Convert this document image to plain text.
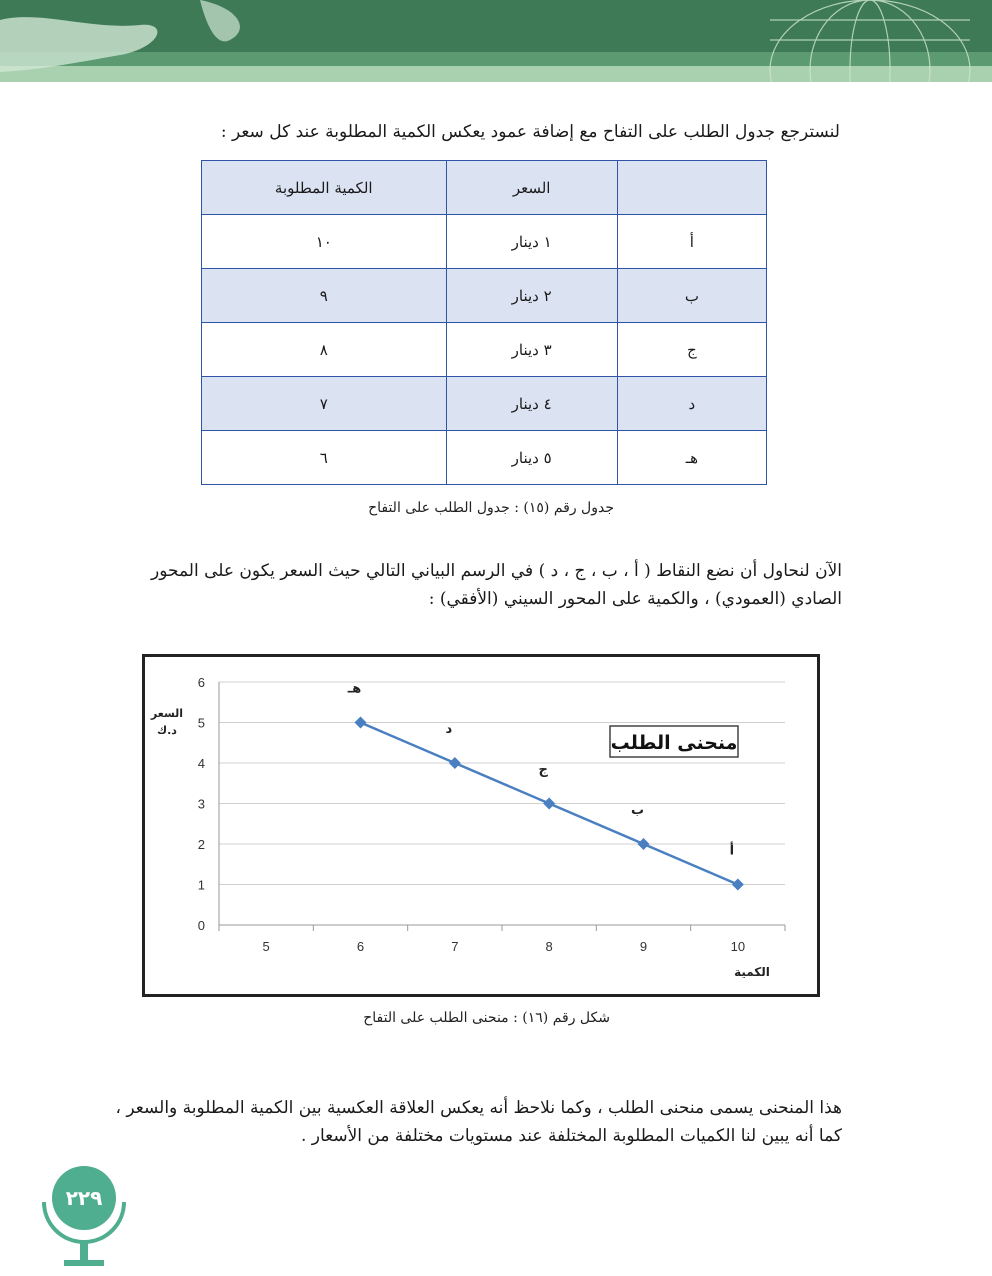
لنسترجع جدول الطلب على التفاح مع إضافة عمود يعكس الكمية المطلوبة عند كل سعر :
	السعر	الكمية المطلوبة
أ	١ دينار	١٠
ب	٢ دينار	٩
ج	٣ دينار	٨
د	٤ دينار	٧
هـ	٥ دينار	٦
جدول رقم (١٥) : جدول الطلب على التفاح
الآن لنحاول أن نضع النقاط ( أ ، ب ، ج ، د ) في الرسم البياني التالي حيث السعر يكون على المحور الصادي (العمودي) ، والكمية على المحور السيني (الأفقي) :
0
1
2
3
4
5
6
5	6	7	8	9	10
هـ
د
ج
ب
أ
منحنى الطلب
السعر
د.ك
الكمية
شكل رقم (١٦) : منحنى الطلب على التفاح
هذا المنحنى يسمى منحنى الطلب ، وكما نلاحظ أنه يعكس العلاقة العكسية بين الكمية المطلوبة والسعر ، كما أنه يبين لنا الكميات المطلوبة المختلفة عند مستويات مختلفة من الأسعار .
٢٢٩
